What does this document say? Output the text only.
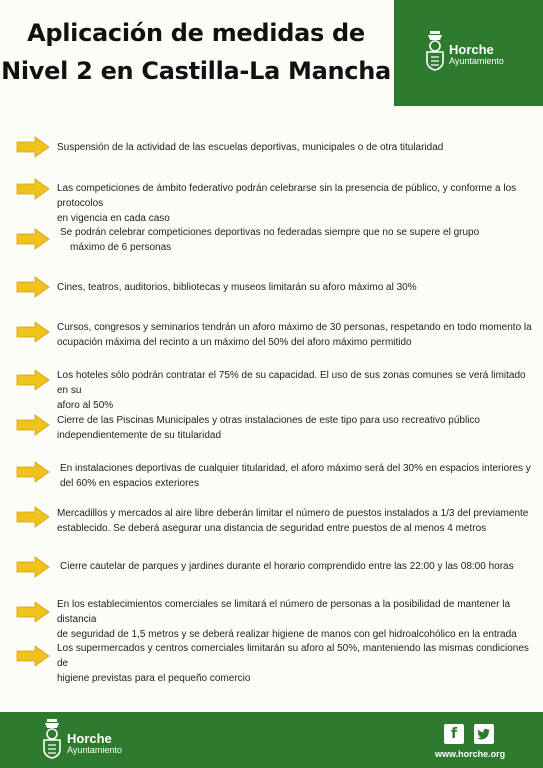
Aplicación de medidas de
Nivel 2 en Castilla-La Mancha
Horche
Ayuntamiento
Suspensión de la actividad de las escuelas deportivas, municipales o de otra titularidad
Las competiciones de ámbito federativo podrán celebrarse sin la presencia de público, y conforme a los protocolos
en vigencia en cada caso
Se podrán celebrar competiciones deportivas no federadas siempre que no se supere el grupo
máximo de 6 personas
Cines, teatros, auditorios, bibliotecas y museos limitarán su aforo máximo al 30%
Cursos, congresos y seminarios tendrán un aforo máximo de 30 personas, respetando en todo momento la
ocupación máxima del recinto a un máximo del 50% del aforo máximo permitido
Los hoteles sólo podrán contratar el 75% de su capacidad. El uso de sus zonas comunes se verá limitado en su
aforo al 50%
Cierre de las Piscinas Municipales y otras instalaciones de este tipo para uso recreativo público
independientemente de su titularidad
En instalaciones deportivas de cualquier titularidad, el aforo máximo será del 30% en espacios interiores y
del 60% en espacios exteriores
Mercadillos y mercados al aire libre deberán limitar el número de puestos instalados a 1/3 del previamente
establecido. Se deberá asegurar una distancia de seguridad entre puestos de al menos 4 metros
Cierre cautelar de parques y jardines durante el horario comprendido entre las 22:00 y las 08:00 horas
En los establecimientos comerciales se limitará el número de personas a la posibilidad de mantener la distancia
de seguridad de 1,5 metros y se deberá realizar higiene de manos con gel hidroalcohólico en la entrada
Los supermercados y centros comerciales limitarán su aforo al 50%, manteniendo las mismas condiciones de
higiene previstas para el pequeño comercio
Horche
Ayuntamiento
f
www.horche.org
